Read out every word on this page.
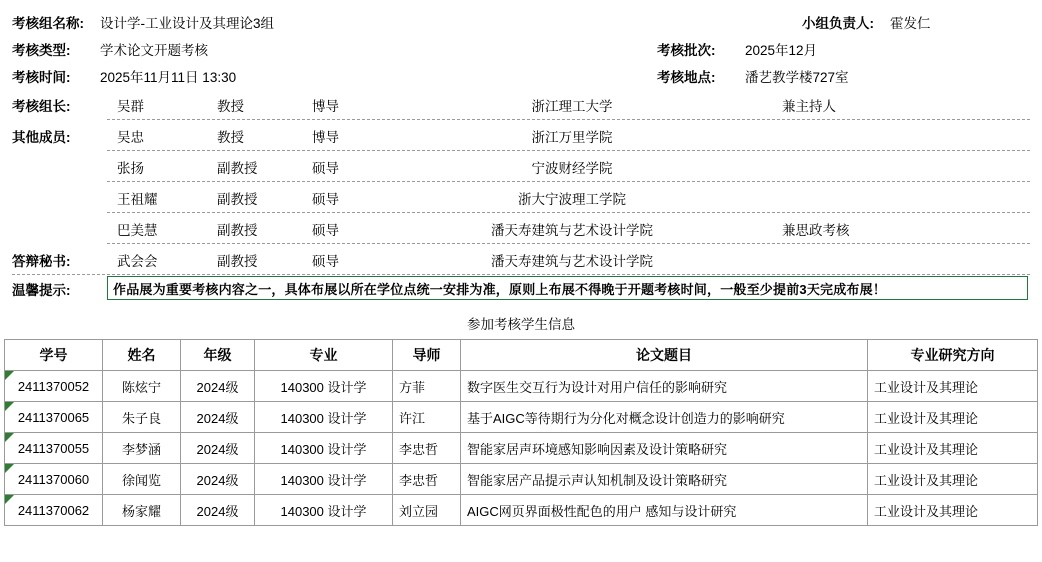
考核组名称:	设计学-工业设计及其理论3组	小组负责人:	霍发仁
考核类型:	学术论文开题考核	考核批次:	2025年12月
考核时间:	2025年11月11日 13:30	考核地点:	潘艺教学楼727室
考核组长:	吴群	教授	博导	浙江理工大学	兼主持人
其他成员:	吴忠	教授	博导	浙江万里学院
张扬	副教授	硕导	宁波财经学院
王祖耀	副教授	硕导	浙大宁波理工学院
巴美慧	副教授	硕导	潘天寿建筑与艺术设计学院	兼思政考核
答辩秘书:	武会会	副教授	硕导	潘天寿建筑与艺术设计学院
温馨提示:	作品展为重要考核内容之一，具体布展以所在学位点统一安排为准，原则上布展不得晚于开题考核时间，一般至少提前3天完成布展！
参加考核学生信息
学号	姓名	年级	专业	导师	论文题目	专业研究方向

2411370052	陈炫宁	2024级	140300 设计学	方菲	数字医生交互行为设计对用户信任的影响研究	工业设计及其理论

2411370065	朱子良	2024级	140300 设计学	许江	基于AIGC等待期行为分化对概念设计创造力的影响研究	工业设计及其理论

2411370055	李梦涵	2024级	140300 设计学	李忠哲	智能家居声环境感知影响因素及设计策略研究	工业设计及其理论

2411370060	徐闻览	2024级	140300 设计学	李忠哲	智能家居产品提示声认知机制及设计策略研究	工业设计及其理论

2411370062	杨家耀	2024级	140300 设计学	刘立园	AIGC网页界面极性配色的用户 感知与设计研究	工业设计及其理论
